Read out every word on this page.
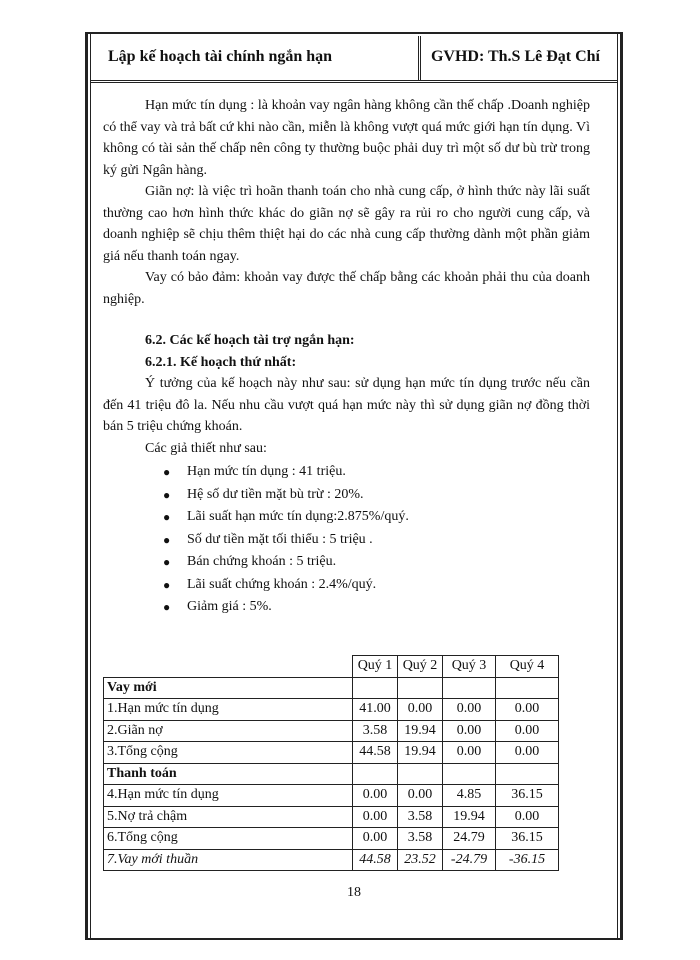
Lập kế hoạch tài chính ngắn hạn	GVHD: Th.S Lê Đạt Chí

Hạn mức tín dụng : là khoản vay ngân hàng không cần thế chấp .Doanh nghiệp có thể vay và trả bất cứ khi nào cần, miễn là không vượt quá mức giới hạn tín dụng. Vì không có tài sản thế chấp nên công ty thường buộc phải duy trì một số dư bù trừ trong ký gửi Ngân hàng.

Giãn nợ: là việc trì hoãn thanh toán cho nhà cung cấp, ở hình thức này lãi suất thường cao hơn hình thức khác do giãn nợ sẽ gây ra rủi ro cho người cung cấp, và doanh nghiệp sẽ chịu thêm thiệt hại do các nhà cung cấp thường dành một phần giảm giá nếu thanh toán ngay.

Vay có bảo đảm: khoản vay được thế chấp bằng các khoản phải thu của doanh nghiệp.

6.2. Các kế hoạch tài trợ ngắn hạn:

6.2.1. Kế hoạch thứ nhất:

Ý tưởng của kế hoạch này như sau: sử dụng hạn mức tín dụng trước nếu cần đến 41 triệu đô la. Nếu nhu cầu vượt quá hạn mức này thì sử dụng giãn nợ đồng thời bán 5 triệu chứng khoán.

Các giả thiết như sau:

● Hạn mức tín dụng : 41 triệu.
● Hệ số dư tiền mặt bù trừ : 20%.
● Lãi suất hạn mức tín dụng:2.875%/quý.
● Số dư tiền mặt tối thiểu : 5 triệu .
● Bán chứng khoán : 5 triệu.
● Lãi suất chứng khoán : 2.4%/quý.
● Giảm giá : 5%.
	Quý 1	Quý 2	Quý 3	Quý 4
Vay mới				
1.Hạn mức tín dụng	41.00	0.00	0.00	0.00
2.Giãn nợ	3.58	19.94	0.00	0.00
3.Tổng cộng	44.58	19.94	0.00	0.00
Thanh toán				
4.Hạn mức tín dụng	0.00	0.00	4.85	36.15
5.Nợ trả chậm	0.00	3.58	19.94	0.00
6.Tổng cộng	0.00	3.58	24.79	36.15
7.Vay mới thuần	44.58	23.52	-24.79	-36.15
18
